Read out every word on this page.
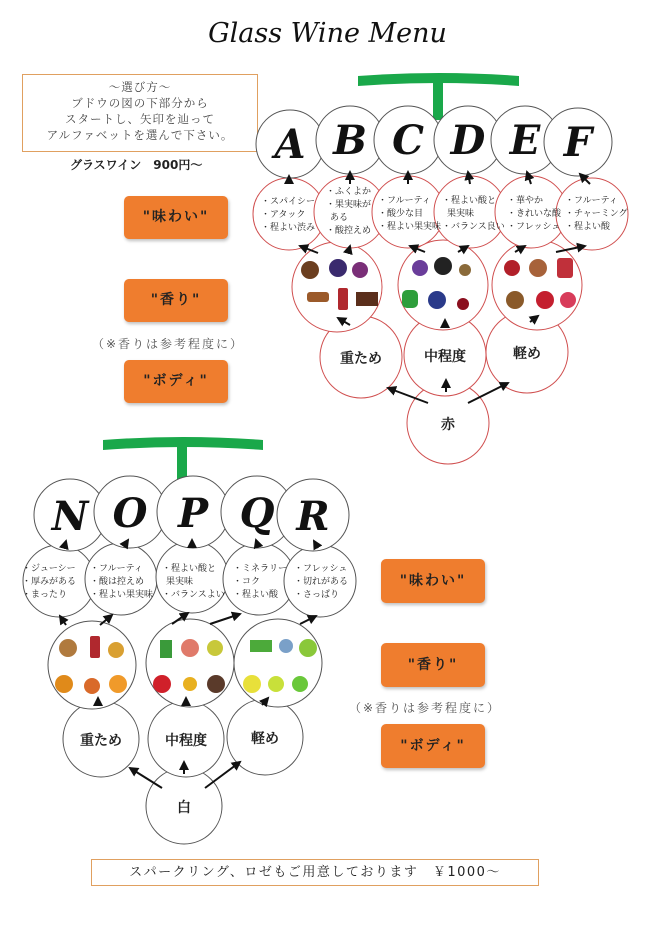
Glass Wine Menu
～選び方～
ブドウの図の下部分から
スタートし、矢印を辿って
アルファベットを選んで下さい。
グラスワイン　900円～
"味わい"
"香り"
（※香りは参考程度に）
"ボディ"
"味わい"
"香り"
（※香りは参考程度に）
"ボディ"
スパークリング、ロゼもご用意しております　￥1000～
赤
重ため	中程度	軽め
・スパイシー
・アタック
・程よい渋み
・ふくよか
・果実味が
ある
・酸控えめ
・フルーティ
・酸少な目
・程よい果実味
・程よい酸と
果実味
・バランス良い
・華やか
・きれいな酸
・フレッシュ
・フルーティ
・チャーミング
・程よい酸
A B C D E F
白
重ため	中程度	軽め
・ジューシー
・厚みがある
・まったり
・フルーティ
・酸は控えめ
・程よい果実味
・程よい酸と
果実味
・バランスよい
・ミネラリー
・コク
・程よい酸
・フレッシュ
・切れがある
・さっぱり
N O P Q R
